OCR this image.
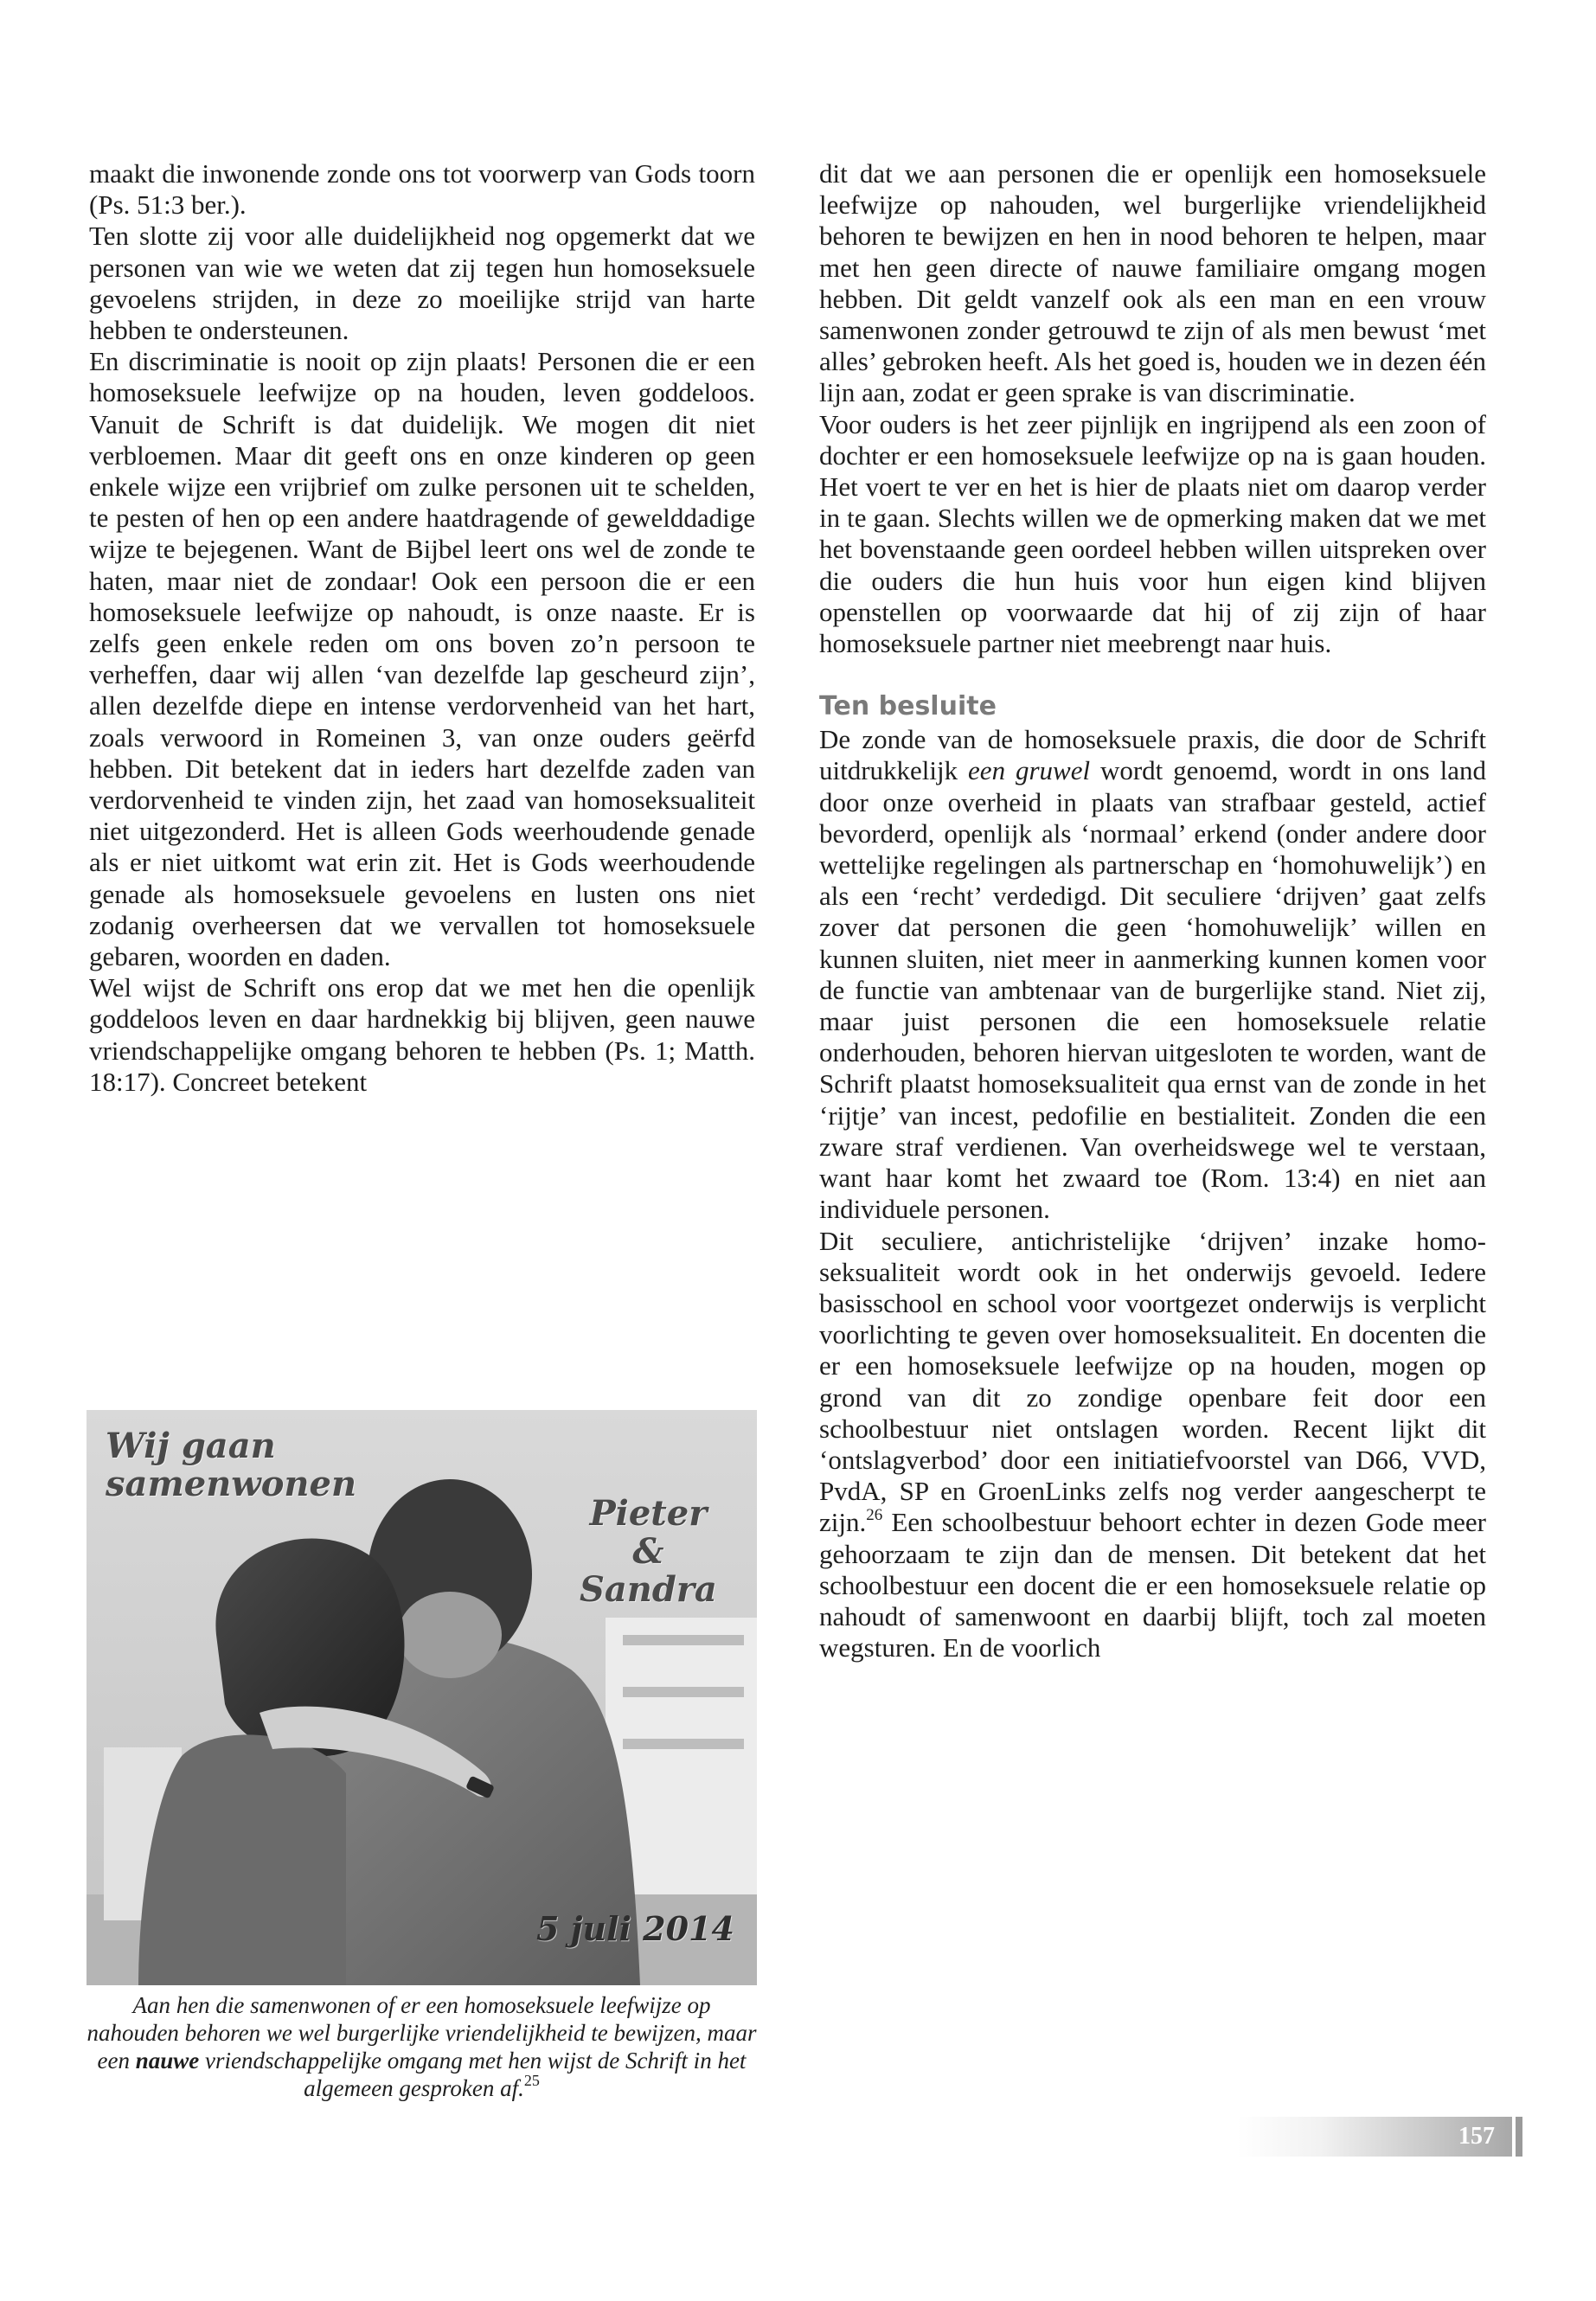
maakt die inwonende zonde ons tot voorwerp van Gods toorn (Ps. 51:3 ber.).

Ten slotte zij voor alle duidelijkheid nog opgemerkt dat we personen van wie we weten dat zij tegen hun homoseksuele gevoelens strijden, in deze zo moeilijke strijd van harte hebben te ondersteunen.

En discriminatie is nooit op zijn plaats! Personen die er een homoseksuele leefwijze op na houden, leven goddeloos. Vanuit de Schrift is dat duidelijk. We mogen dit niet verbloemen. Maar dit geeft ons en onze kinderen op geen enkele wijze een vrijbrief om zulke personen uit te schelden, te pesten of hen op een andere haatdragende of gewelddadige wijze te bejegenen. Want de Bijbel leert ons wel de zonde te haten, maar niet de zondaar! Ook een persoon die er een homoseksuele leefwijze op nahoudt, is onze naaste. Er is zelfs geen enkele reden om ons boven zo’n persoon te verheffen, daar wij allen ‘van dezelfde lap gescheurd zijn’, allen dezelfde diepe en intense verdorvenheid van het hart, zoals verwoord in Romeinen 3, van onze ouders geërfd hebben. Dit betekent dat in ieders hart dezelfde zaden van verdorvenheid te vinden zijn, het zaad van homoseksualiteit niet uitgezonderd. Het is alleen Gods weerhoudende genade als er niet uitkomt wat erin zit. Het is Gods weerhoudende genade als homoseksuele gevoelens en lusten ons niet zodanig overheersen dat we vervallen tot homoseksuele gebaren, woorden en daden.

Wel wijst de Schrift ons erop dat we met hen die openlijk goddeloos leven en daar hardnekkig bij blijven, geen nauwe vriendschappelijke omgang behoren te hebben (Ps. 1; Matth. 18:17). Concreet betekent

Wij gaan
samenwonen
Pieter
&
Sandra
5 juli 2014
Aan hen die samenwonen of er een homoseksuele leefwijze op nahouden behoren we wel burgerlijke vriendelijkheid te bewijzen, maar een nauwe vriendschappelijke omgang met hen wijst de Schrift in het algemeen gesproken af.$^{25}$

dit dat we aan personen die er openlijk een homoseksuele leefwijze op nahouden, wel burgerlijke vriendelijkheid behoren te bewijzen en hen in nood behoren te helpen, maar met hen geen directe of nauwe familiaire omgang mogen hebben. Dit geldt vanzelf ook als een man en een vrouw samenwonen zonder getrouwd te zijn of als men bewust ‘met alles’ gebroken heeft. Als het goed is, houden we in dezen één lijn aan, zodat er geen sprake is van discriminatie.

Voor ouders is het zeer pijnlijk en ingrijpend als een zoon of dochter er een homoseksuele leefwijze op na is gaan houden. Het voert te ver en het is hier de plaats niet om daarop verder in te gaan. Slechts willen we de opmerking maken dat we met het bovenstaande geen oordeel hebben willen uitspreken over die ouders die hun huis voor hun eigen kind blijven openstellen op voorwaarde dat hij of zij zijn of haar homoseksuele partner niet meebrengt naar huis.

Ten besluite

De zonde van de homoseksuele praxis, die door de Schrift uitdrukkelijk een gruwel wordt genoemd, wordt in ons land door onze overheid in plaats van strafbaar gesteld, actief bevorderd, openlijk als ‘normaal’ erkend (onder andere door wettelijke regelingen als partnerschap en ‘homohuwelijk’) en als een ‘recht’ verdedigd. Dit seculiere ‘drijven’ gaat zelfs zover dat personen die geen ‘homohuwelijk’ willen en kunnen sluiten, niet meer in aanmerking kunnen komen voor de functie van ambtenaar van de burgerlijke stand. Niet zij, maar juist personen die een homoseksuele relatie onderhouden, behoren hiervan uitgesloten te worden, want de Schrift plaatst homoseksualiteit qua ernst van de zonde in het ‘rijtje’ van incest, pedofilie en bestialiteit. Zonden die een zware straf verdienen. Van overheidswege wel te verstaan, want haar komt het zwaard toe (Rom. 13:4) en niet aan individuele personen.

Dit seculiere, antichristelijke ‘drijven’ inzake homoseksualiteit wordt ook in het onderwijs gevoeld. Iedere basisschool en school voor voortgezet onderwijs is verplicht voorlichting te geven over homoseksualiteit. En docenten die er een homoseksuele leefwijze op na houden, mogen op grond van dit zo zondige openbare feit door een schoolbestuur niet ontslagen worden. Recent lijkt dit ‘ontslagverbod’ door een initiatiefvoorstel van D66, VVD, PvdA, SP en GroenLinks zelfs nog verder aangescherpt te zijn.$^{26}$ Een schoolbestuur behoort echter in dezen Gode meer gehoorzaam te zijn dan de mensen. Dit betekent dat het schoolbestuur een docent die er een homoseksuele relatie op nahoudt of samenwoont en daarbij blijft, toch zal moeten wegsturen. En de voorlich

157
